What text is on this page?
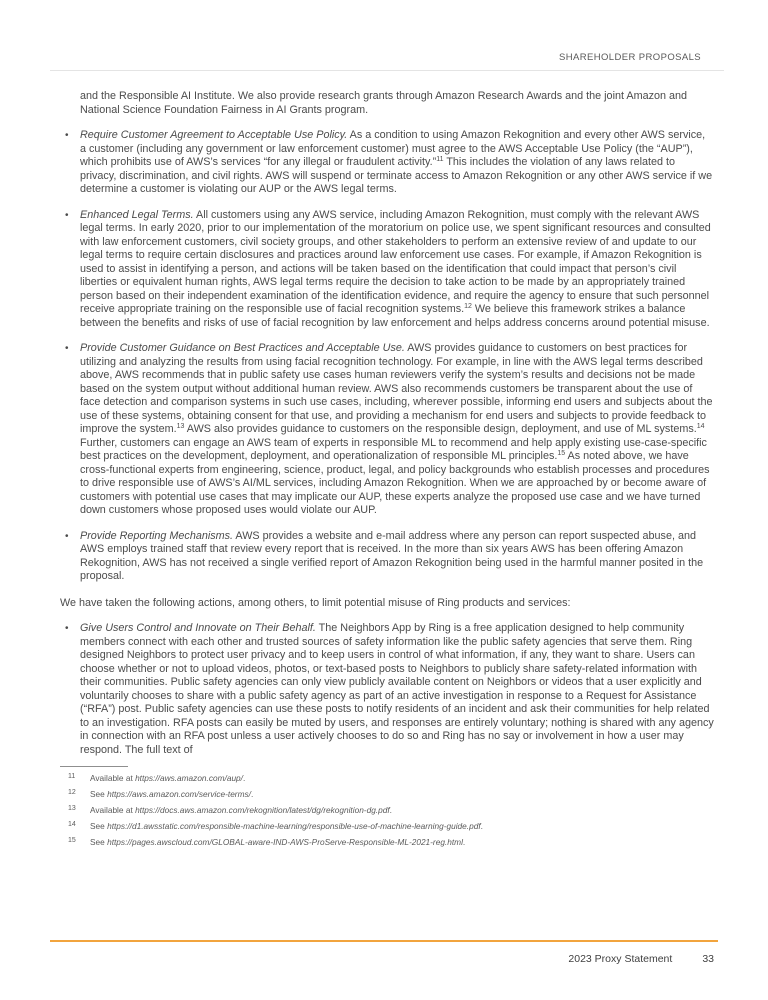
SHAREHOLDER PROPOSALS

and the Responsible AI Institute. We also provide research grants through Amazon Research Awards and the joint Amazon and National Science Foundation Fairness in AI Grants program.

• Require Customer Agreement to Acceptable Use Policy. As a condition to using Amazon Rekognition and every other AWS service, a customer (including any government or law enforcement customer) must agree to the AWS Acceptable Use Policy (the “AUP”), which prohibits use of AWS’s services “for any illegal or fraudulent activity.”$^{11}$ This includes the violation of any laws related to privacy, discrimination, and civil rights. AWS will suspend or terminate access to Amazon Rekognition or any other AWS service if we determine a customer is violating our AUP or the AWS legal terms.
• Enhanced Legal Terms. All customers using any AWS service, including Amazon Rekognition, must comply with the relevant AWS legal terms. In early 2020, prior to our implementation of the moratorium on police use, we spent significant resources and consulted with law enforcement customers, civil society groups, and other stakeholders to perform an extensive review of and update to our legal terms to require certain disclosures and practices around law enforcement use cases. For example, if Amazon Rekognition is used to assist in identifying a person, and actions will be taken based on the identification that could impact that person’s civil liberties or equivalent human rights, AWS legal terms require the decision to take action to be made by an appropriately trained person based on their independent examination of the identification evidence, and require the agency to ensure that such personnel receive appropriate training on the responsible use of facial recognition systems.$^{12}$ We believe this framework strikes a balance between the benefits and risks of use of facial recognition by law enforcement and helps address concerns around potential misuse.
• Provide Customer Guidance on Best Practices and Acceptable Use. AWS provides guidance to customers on best practices for utilizing and analyzing the results from using facial recognition technology. For example, in line with the AWS legal terms described above, AWS recommends that in public safety use cases human reviewers verify the system’s results and decisions not be made based on the system output without additional human review. AWS also recommends customers be transparent about the use of face detection and comparison systems in such use cases, including, wherever possible, informing end users and subjects about the use of these systems, obtaining consent for that use, and providing a mechanism for end users and subjects to provide feedback to improve the system.$^{13}$ AWS also provides guidance to customers on the responsible design, deployment, and use of ML systems.$^{14}$ Further, customers can engage an AWS team of experts in responsible ML to recommend and help apply existing use-case-specific best practices on the development, deployment, and operationalization of responsible ML principles.$^{15}$ As noted above, we have cross-functional experts from engineering, science, product, legal, and policy backgrounds who establish processes and procedures to drive responsible use of AWS’s AI/ML services, including Amazon Rekognition. When we are approached by or become aware of customers with potential use cases that may implicate our AUP, these experts analyze the proposed use case and we have turned down customers whose proposed uses would violate our AUP.
• Provide Reporting Mechanisms. AWS provides a website and e-mail address where any person can report suspected abuse, and AWS employs trained staff that review every report that is received. In the more than six years AWS has been offering Amazon Rekognition, AWS has not received a single verified report of Amazon Rekognition being used in the harmful manner posited in the proposal.

We have taken the following actions, among others, to limit potential misuse of Ring products and services:

• Give Users Control and Innovate on Their Behalf. The Neighbors App by Ring is a free application designed to help community members connect with each other and trusted sources of safety information like the public safety agencies that serve them. Ring designed Neighbors to protect user privacy and to keep users in control of what information, if any, they want to share. Users can choose whether or not to upload videos, photos, or text-based posts to Neighbors to publicly share safety-related information with their communities. Public safety agencies can only view publicly available content on Neighbors or videos that a user explicitly and voluntarily chooses to share with a public safety agency as part of an active investigation in response to a Request for Assistance (“RFA”) post. Public safety agencies can use these posts to notify residents of an incident and ask their communities for help related to an investigation. RFA posts can easily be muted by users, and responses are entirely voluntary; nothing is shared with any agency in connection with an RFA post unless a user actively chooses to do so and Ring has no say or involvement in how a user may respond. The full text of
11	Available at https://aws.amazon.com/aup/.
12	See https://aws.amazon.com/service-terms/.
13	Available at https://docs.aws.amazon.com/rekognition/latest/dg/rekognition-dg.pdf.
14	See https://d1.awsstatic.com/responsible-machine-learning/responsible-use-of-machine-learning-guide.pdf.
15	See https://pages.awscloud.com/GLOBAL-aware-IND-AWS-ProServe-Responsible-ML-2021-reg.html.
2023 Proxy Statement	33
